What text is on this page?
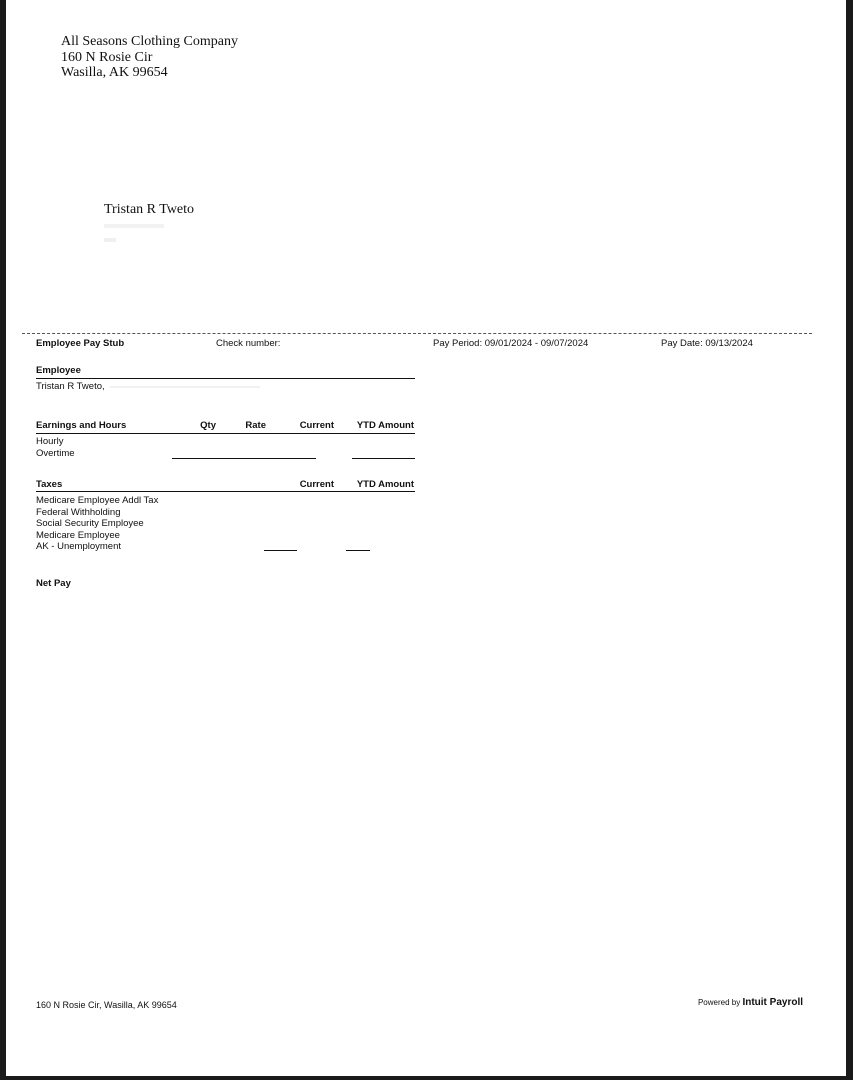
All Seasons Clothing Company
160 N Rosie Cir
Wasilla, AK 99654
Tristan R Tweto
Employee Pay Stub	Check number:	Pay Period: 09/01/2024 - 09/07/2024	Pay Date: 09/13/2024
Employee
Tristan R Tweto,
Earnings and Hours	Qty	Rate	Current	YTD Amount
Hourly
Overtime
Taxes	Current	YTD Amount
Medicare Employee Addl Tax
Federal Withholding
Social Security Employee
Medicare Employee
AK - Unemployment
Net Pay
160 N Rosie Cir, Wasilla, AK 99654	Powered by Intuit Payroll
